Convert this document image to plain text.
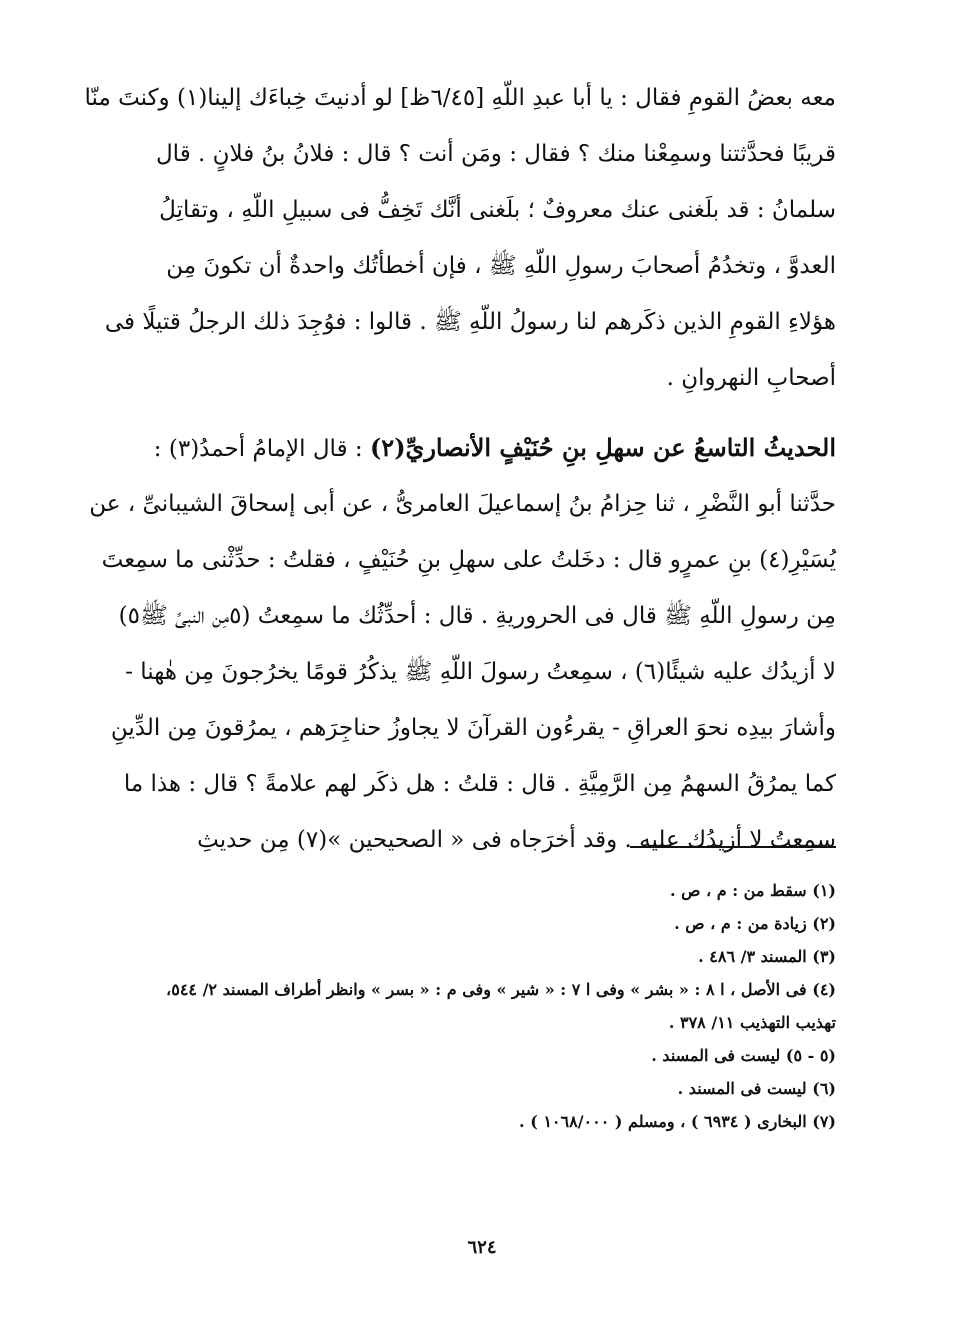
معه بعضُ القومِ فقال : يا أبا عبدِ اللّهِ [٦/٤٥ظ] لو أدنيتَ خِباءَك إلينا(١) وكنتَ منّا
قريبًا فحدَّثتنا وسمِعْنا منك ؟ فقال : ومَن أنت ؟ قال : فلانُ بنُ فلانٍ . قال
سلمانُ : قد بلَغنى عنك معروفٌ ؛ بلَغنى أنَّك تَخِفُّ فى سبيلِ اللّهِ ، وتقاتِلُ
العدوَّ ، وتخدُمُ أصحابَ رسولِ اللّهِ ﷺ ، فإن أخطأتُك واحدةٌ أن تكونَ مِن
هؤلاءِ القومِ الذين ذكَرهم لنا رسولُ اللّهِ ﷺ . قالوا : فوُجِدَ ذلك الرجلُ قتيلًا فى
أصحابِ النهروانِ .
الحديثُ التاسعُ عن سهلِ بنِ حُنَيْفٍ الأنصاريِّ(٢) : قال الإمامُ أحمدُ(٣) :
حدَّثنا أبو النَّضْرِ ، ثنا حِزامُ بنُ إسماعيلَ العامرىُّ ، عن أبى إسحاقَ الشيبانىِّ ، عن
يُسَيْرِ(٤) بنِ عمرٍو قال : دخَلتُ على سهلِ بنِ حُنَيْفٍ ، فقلتُ : حدِّثْنى ما سمِعتَ
مِن رسولِ اللّهِ ﷺ قال فى الحروريةِ . قال : أحدِّثُك ما سمِعتُ (٥مِن النبىِّ ﷺ٥)
لا أزيدُك عليه شيئًا(٦) ، سمِعتُ رسولَ اللّهِ ﷺ يذكُرُ قومًا يخرُجونَ مِن هٰهنا -
وأشارَ بيدِه نحوَ العراقِ - يقرءُون القرآنَ لا يجاوزُ حناجِرَهم ، يمرُقونَ مِن الدِّينِ
كما يمرُقُ السهمُ مِن الرَّمِيَّةِ . قال : قلتُ : هل ذكَر لهم علامةً ؟ قال : هذا ما
سمِعتُ لا أزيدُك عليه . وقد أخرَجاه فى « الصحيحين »(٧) مِن حديثِ
(١) سقط من : م ، ص .
(٢) زيادة من : م ، ص .
(٣) المسند ٣/ ٤٨٦ .
(٤) فى الأصل ، ا ٨ : « بشر » وفى ا ٧ : « شير » وفى م : « بسر » وانظر أطراف المسند ٢/ ٥٤٤،
تهذيب التهذيب ١١/ ٣٧٨ .
(٥ - ٥) ليست فى المسند .
(٦) ليست فى المسند .
(٧) البخارى ( ٦٩٣٤ ) ، ومسلم ( ١٠٦٨/٠٠٠ ) .
٦٢٤
